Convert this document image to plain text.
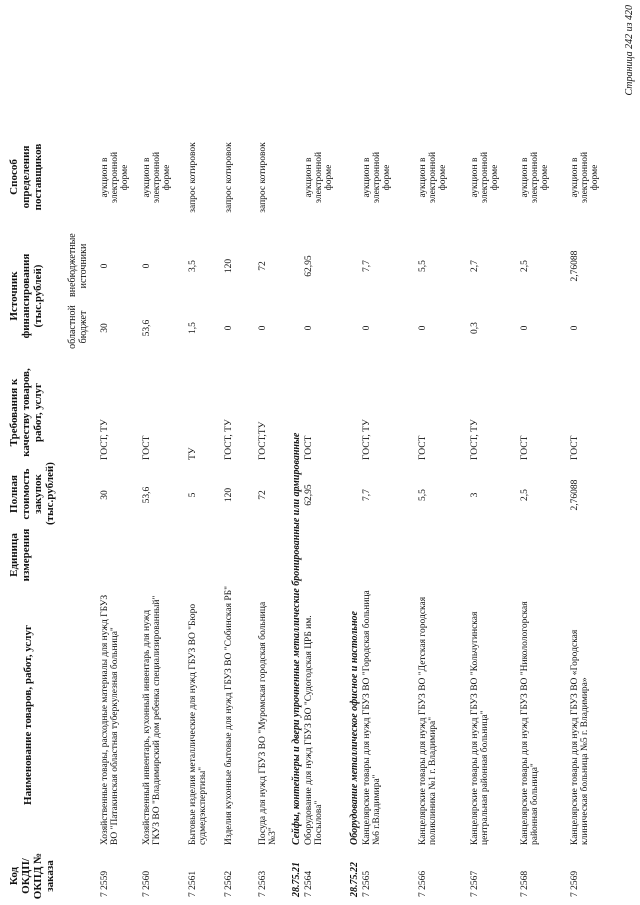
Код ОКДП/ ОКПД № заказа
Наименование товаров, работ, услуг
Единица измерения
Полная стоимость закупок (тыс.рублей)
Требования к качеству товаров, работ, услуг
Источник финансирования (тыс.рублей) областной бюджет
внебюджетные источники
Способ определения поставщиков
7 2559
Хозяйственные товары, расходные материалы для нужд ГБУЗ ВО "Патакинская областная туберкулезная больница"
30
ГОСТ, ТУ
30
0
аукцион в электронной форме
7 2560
Хозяйственный инвентарь, кухонный инвентарь для нужд ГКУЗ ВО "Владимирский дом ребенка специализированный"
53,6
ГОСТ
53,6
0
аукцион в электронной форме
7 2561
Бытовые изделия металлические для нужд ГБУЗ ВО "Бюро судмедэкспертизы"
5
ТУ
1,5
3,5
запрос котировок
7 2562
Изделия кухонные бытовые для нужд ГБУЗ ВО "Собинская РБ"
120
ГОСТ, ТУ
0
120
запрос котировок
7 2563
Посуда для нужд ГБУЗ ВО "Муромская городская больница №3"
72
ГОСТ,ТУ
0
72
запрос котировок
28.75.21
Сейфы, контейнеры и двери упрочненные металлические бронированные или армированные
7 2564
Оборудование для нужд ГБУЗ ВО "Судогодская ЦРБ им. Посылова"
62,95
ГОСТ
0
62,95
аукцион в электронной форме
28.75.22
Оборудование металлическое офисное и настольное
7 2565
Канцелярские товары для нужд ГБУЗ ВО "Городская больница №6 г.Владимира"
7,7
ГОСТ, ТУ
0
7,7
аукцион в электронной форме
7 2566
Канцелярские товары для нужд ГБУЗ ВО "Детская городская поликлиника №1 г. Владимира"
5,5
ГОСТ
0
5,5
аукцион в электронной форме
7 2567
Канцелярские товары для нужд ГБУЗ ВО "Кольчугинская центральная районная больница"
3
ГОСТ, ТУ
0,3
2,7
аукцион в электронной форме
7 2568
Канцелярские товары для нужд ГБУЗ ВО "Николологорская районная больница"
2,5
ГОСТ
0
2,5
аукцион в электронной форме
7 2569
Канцелярские товары для нужд ГБУЗ ВО «Городская клиническая больница №5 г. Владимира»
2,76088
ГОСТ
0
2,76088
аукцион в электронной форме
Страница 242 из 420
